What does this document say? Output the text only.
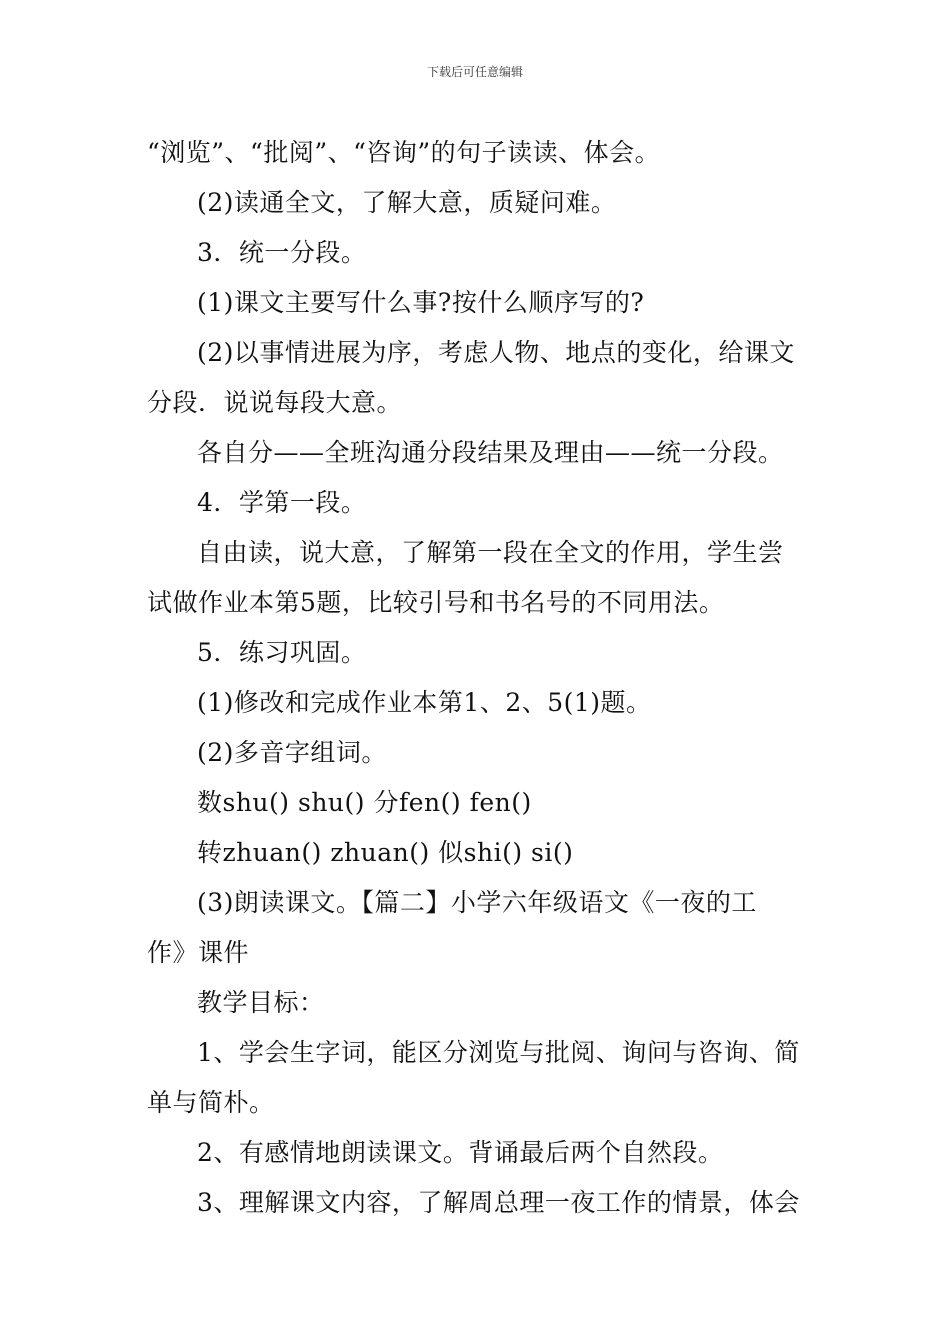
下载后可任意编辑
“浏览”、“批阅”、“咨询”的句子读读、体会。
(2)读通全文，了解大意，质疑问难。
3．统一分段。
(1)课文主要写什么事?按什么顺序写的?
(2)以事情进展为序，考虑人物、地点的变化，给课文
分段．说说每段大意。
各自分——全班沟通分段结果及理由——统一分段。
4．学第一段。
自由读，说大意，了解第一段在全文的作用，学生尝
试做作业本第5题，比较引号和书名号的不同用法。
5．练习巩固。
(1)修改和完成作业本第1、2、5(1)题。
(2)多音字组词。
数shu() shu() 分fen() fen()
转zhuan() zhuan() 似shi() si()
(3)朗读课文。【篇二】小学六年级语文《一夜的工
作》课件
教学目标：
1、学会生字词，能区分浏览与批阅、询问与咨询、简
单与简朴。
2、有感情地朗读课文。背诵最后两个自然段。
3、理解课文内容，了解周总理一夜工作的情景，体会
